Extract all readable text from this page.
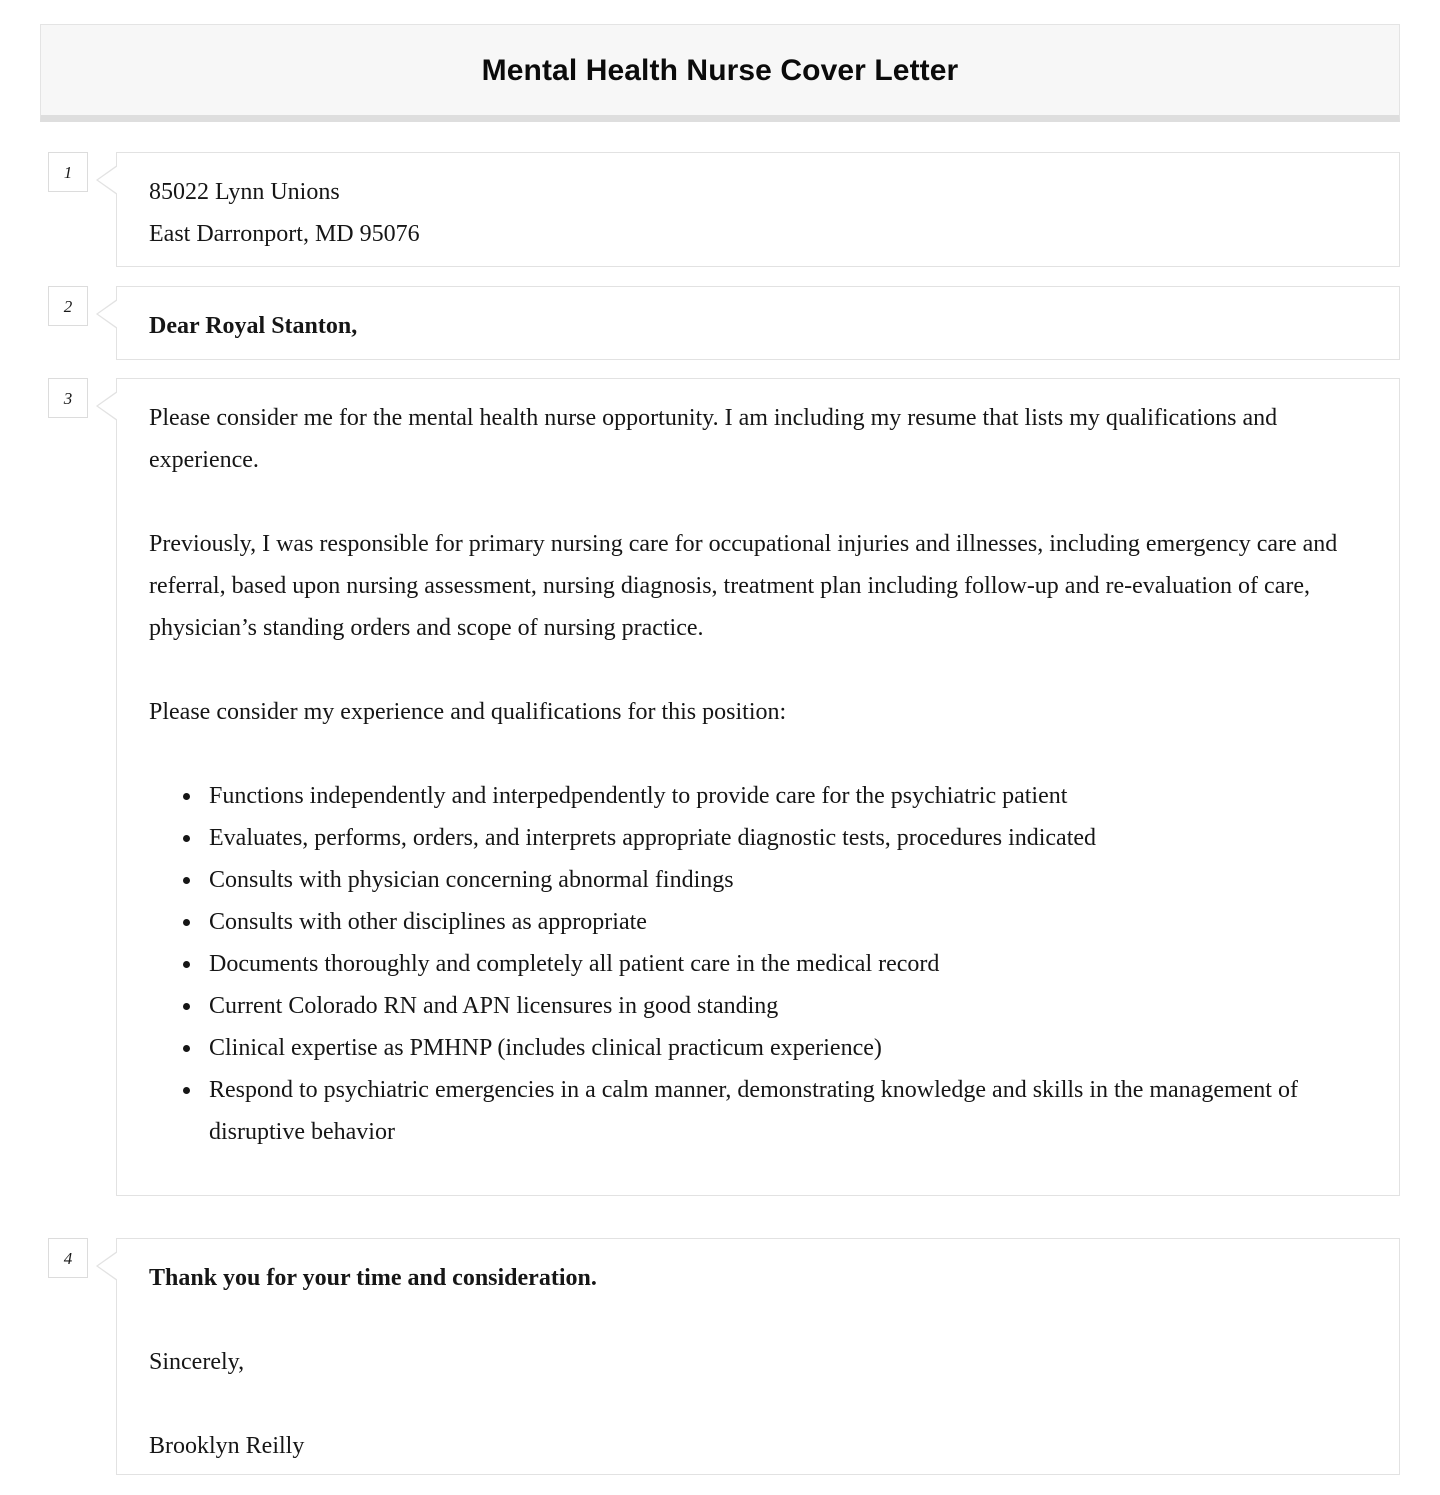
Mental Health Nurse Cover Letter
1

85022 Lynn Unions
East Darronport, MD 95076

2

Dear Royal Stanton,

3

Please consider me for the mental health nurse opportunity. I am including my resume that lists my qualifications and experience.

Previously, I was responsible for primary nursing care for occupational injuries and illnesses, including emergency care and referral, based upon nursing assessment, nursing diagnosis, treatment plan including follow-up and re-evaluation of care, physician’s standing orders and scope of nursing practice.

Please consider my experience and qualifications for this position:

• Functions independently and interpedpendently to provide care for the psychiatric patient
• Evaluates, performs, orders, and interprets appropriate diagnostic tests, procedures indicated
• Consults with physician concerning abnormal findings
• Consults with other disciplines as appropriate
• Documents thoroughly and completely all patient care in the medical record
• Current Colorado RN and APN licensures in good standing
• Clinical expertise as PMHNP (includes clinical practicum experience)
• Respond to psychiatric emergencies in a calm manner, demonstrating knowledge and skills in the management of disruptive behavior
4

Thank you for your time and consideration.

Sincerely,

Brooklyn Reilly
